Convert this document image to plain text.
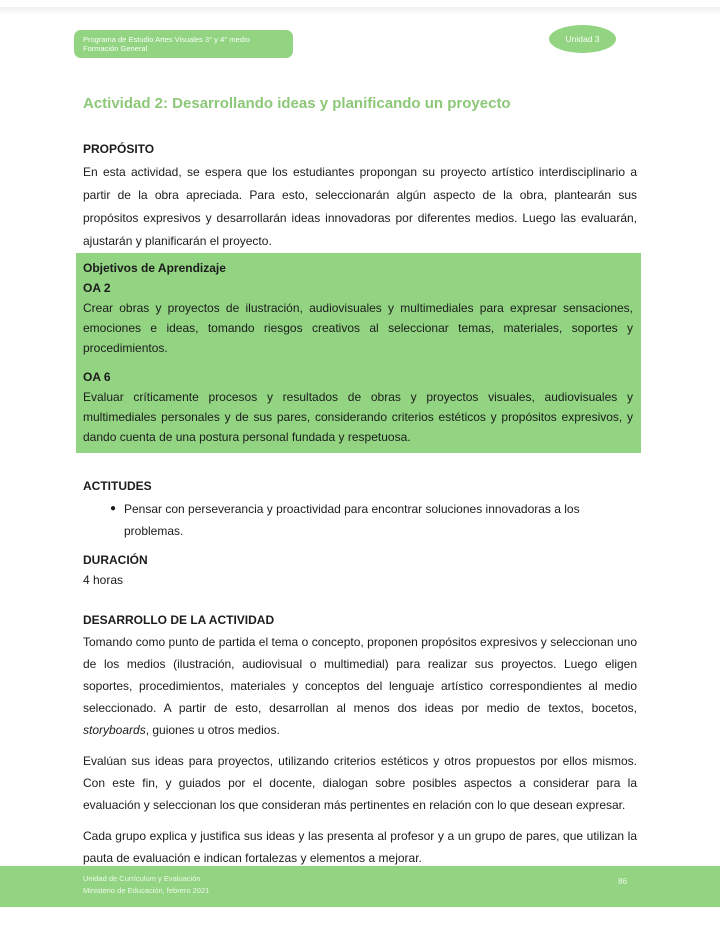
Programa de Estudio Artes Visuales 3° y 4° medio
Formación General
Unidad 3
Actividad 2: Desarrollando ideas y planificando un proyecto

PROPÓSITO

En esta actividad, se espera que los estudiantes propongan su proyecto artístico interdisciplinario a partir de la obra apreciada. Para esto, seleccionarán algún aspecto de la obra, plantearán sus propósitos expresivos y desarrollarán ideas innovadoras por diferentes medios. Luego las evaluarán, ajustarán y planificarán el proyecto.

Objetivos de Aprendizaje

OA 2

Crear obras y proyectos de ilustración, audiovisuales y multimediales para expresar sensaciones, emociones e ideas, tomando riesgos creativos al seleccionar temas, materiales, soportes y procedimientos.

OA 6

Evaluar críticamente procesos y resultados de obras y proyectos visuales, audiovisuales y multimediales personales y de sus pares, considerando criterios estéticos y propósitos expresivos, y dando cuenta de una postura personal fundada y respetuosa.

ACTITUDES

● Pensar con perseverancia y proactividad para encontrar soluciones innovadoras a los problemas.

DURACIÓN

4 horas

DESARROLLO DE LA ACTIVIDAD

Tomando como punto de partida el tema o concepto, proponen propósitos expresivos y seleccionan uno de los medios (ilustración, audiovisual o multimedial) para realizar sus proyectos. Luego eligen soportes, procedimientos, materiales y conceptos del lenguaje artístico correspondientes al medio seleccionado. A partir de esto, desarrollan al menos dos ideas por medio de textos, bocetos, storyboards, guiones u otros medios.

Evalúan sus ideas para proyectos, utilizando criterios estéticos y otros propuestos por ellos mismos. Con este fin, y guiados por el docente, dialogan sobre posibles aspectos a considerar para la evaluación y seleccionan los que consideran más pertinentes en relación con lo que desean expresar.

Cada grupo explica y justifica sus ideas y las presenta al profesor y a un grupo de pares, que utilizan la pauta de evaluación e indican fortalezas y elementos a mejorar.

Unidad de Currículum y Evaluación
Ministerio de Educación, febrero 2021
86
